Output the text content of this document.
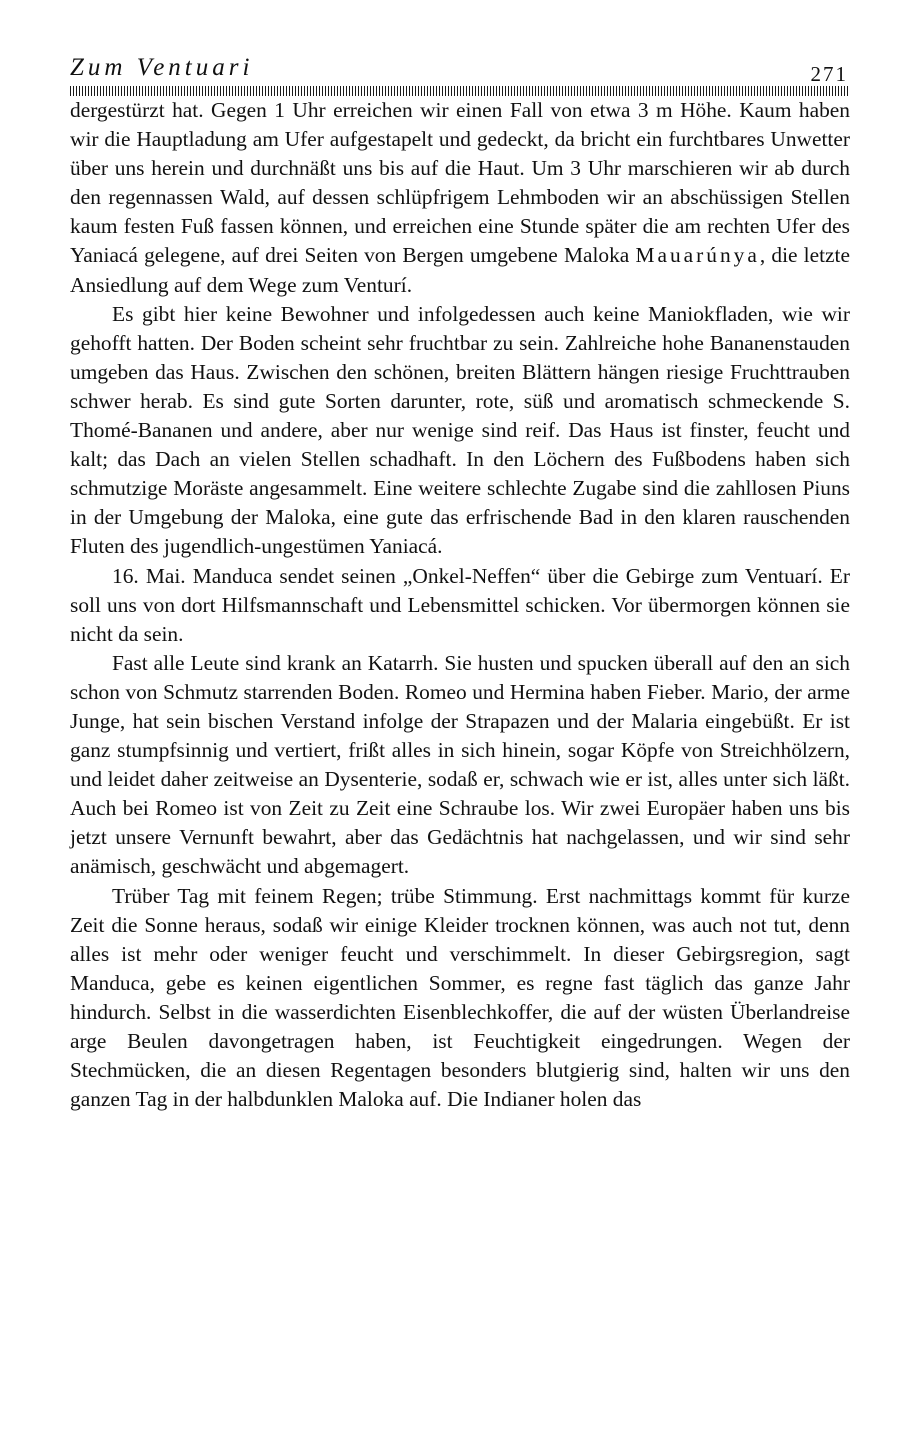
Zum Ventuari	271

dergestürzt hat. Gegen 1 Uhr erreichen wir einen Fall von etwa 3 m Höhe. Kaum haben wir die Hauptladung am Ufer aufgestapelt und gedeckt, da bricht ein furchtbares Unwetter über uns herein und durchnäßt uns bis auf die Haut. Um 3 Uhr marschieren wir ab durch den regennassen Wald, auf dessen schlüpfrigem Lehmboden wir an abschüssigen Stellen kaum festen Fuß fassen können, und erreichen eine Stunde später die am rechten Ufer des Yaniacá gelegene, auf drei Seiten von Bergen umgebene Maloka Mauarúnya, die letzte Ansiedlung auf dem Wege zum Venturí.

Es gibt hier keine Bewohner und infolgedessen auch keine Maniokfladen, wie wir gehofft hatten. Der Boden scheint sehr fruchtbar zu sein. Zahlreiche hohe Bananenstauden umgeben das Haus. Zwischen den schönen, breiten Blättern hängen riesige Fruchttrauben schwer herab. Es sind gute Sorten darunter, rote, süß und aromatisch schmeckende S. Thomé-Bananen und andere, aber nur wenige sind reif. Das Haus ist finster, feucht und kalt; das Dach an vielen Stellen schadhaft. In den Löchern des Fußbodens haben sich schmutzige Moräste angesammelt. Eine weitere schlechte Zugabe sind die zahllosen Piuns in der Umgebung der Maloka, eine gute das erfrischende Bad in den klaren rauschenden Fluten des jugendlich-ungestümen Yaniacá.

16. Mai. Manduca sendet seinen „Onkel-Neffen“ über die Gebirge zum Ventuarí. Er soll uns von dort Hilfsmannschaft und Lebensmittel schicken. Vor übermorgen können sie nicht da sein.

Fast alle Leute sind krank an Katarrh. Sie husten und spucken überall auf den an sich schon von Schmutz starrenden Boden. Romeo und Hermina haben Fieber. Mario, der arme Junge, hat sein bischen Verstand infolge der Strapazen und der Malaria eingebüßt. Er ist ganz stumpfsinnig und vertiert, frißt alles in sich hinein, sogar Köpfe von Streichhölzern, und leidet daher zeitweise an Dysenterie, sodaß er, schwach wie er ist, alles unter sich läßt. Auch bei Romeo ist von Zeit zu Zeit eine Schraube los. Wir zwei Europäer haben uns bis jetzt unsere Vernunft bewahrt, aber das Gedächtnis hat nachgelassen, und wir sind sehr anämisch, geschwächt und abgemagert.

Trüber Tag mit feinem Regen; trübe Stimmung. Erst nachmittags kommt für kurze Zeit die Sonne heraus, sodaß wir einige Kleider trocknen können, was auch not tut, denn alles ist mehr oder weniger feucht und verschimmelt. In dieser Gebirgsregion, sagt Manduca, gebe es keinen eigentlichen Sommer, es regne fast täglich das ganze Jahr hindurch. Selbst in die wasserdichten Eisenblechkoffer, die auf der wüsten Überlandreise arge Beulen davongetragen haben, ist Feuchtigkeit eingedrungen. Wegen der Stechmücken, die an diesen Regentagen besonders blutgierig sind, halten wir uns den ganzen Tag in der halbdunklen Maloka auf. Die Indianer holen das
